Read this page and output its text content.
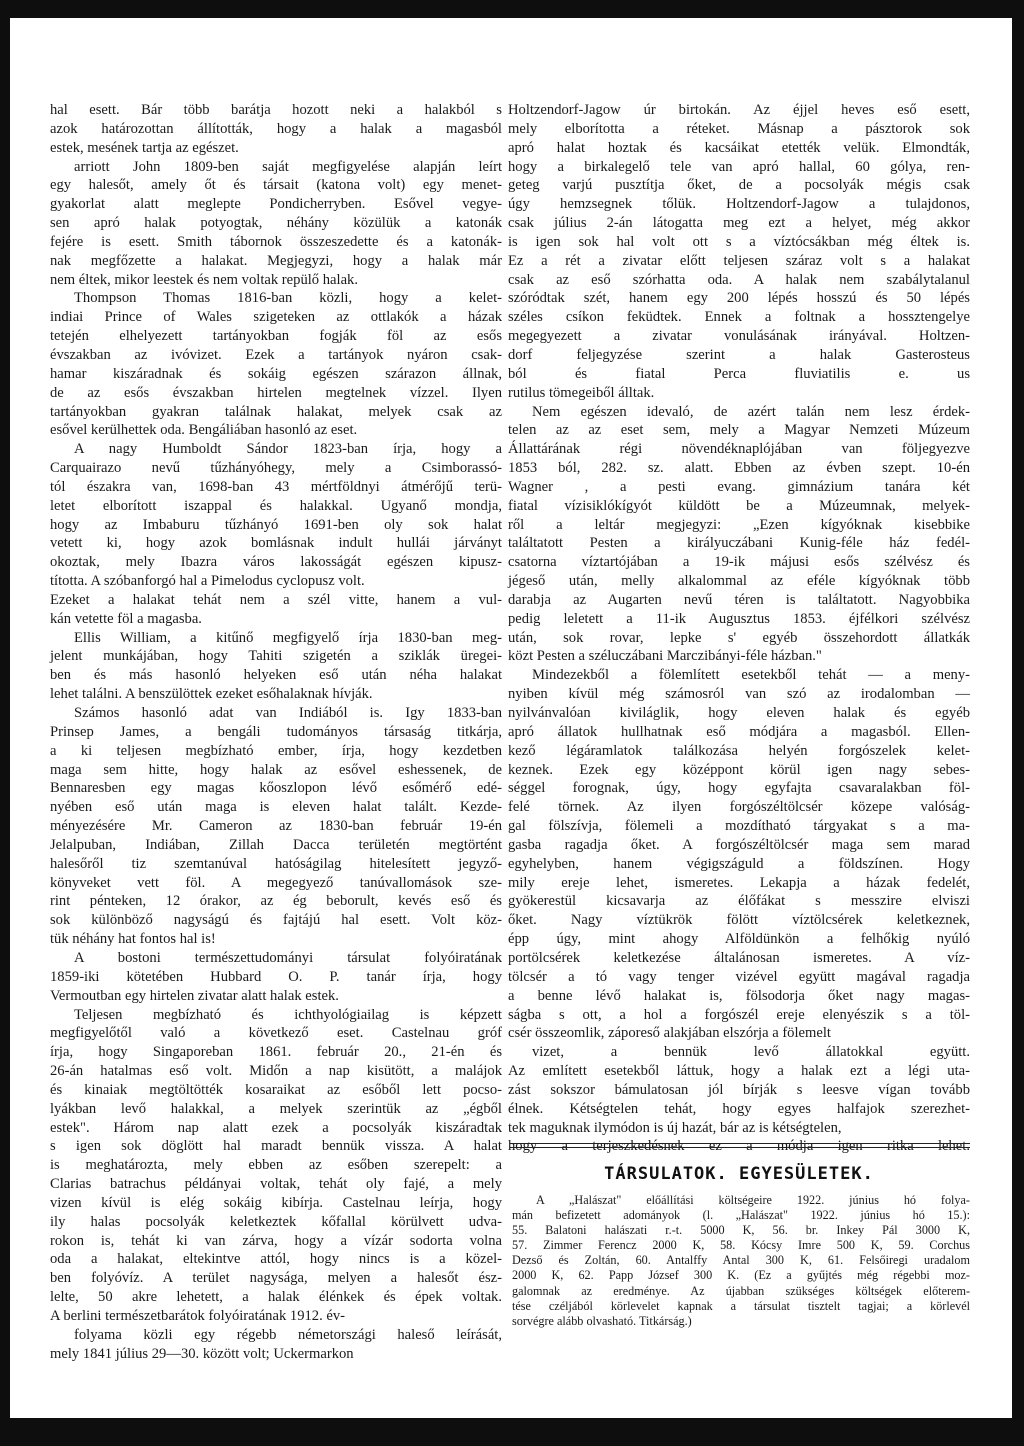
hal esett. Bár több barátja hozott neki a halakból s
azok határozottan állították, hogy a halak a magasból
estek, mesének tartja az egészet.
arriott John 1809-ben saját megfigyelése alapján leírt
egy halesőt, amely őt és társait (katona volt) egy menet-
gyakorlat alatt meglepte Pondicherryben. Esővel vegye-
sen apró halak potyogtak, néhány közülük a katonák
fejére is esett. Smith tábornok összeszedette és a katonák-
nak megfőzette a halakat. Megjegyzi, hogy a halak már
nem éltek, mikor leestek és nem voltak repülő halak.
Thompson Thomas 1816-ban közli, hogy a kelet-
indiai Prince of Wales szigeteken az ottlakók a házak
tetején elhelyezett tartányokban fogják föl az esős
évszakban az ivóvizet. Ezek a tartányok nyáron csak-
hamar kiszáradnak és sokáig egészen szárazon állnak,
de az esős évszakban hirtelen megtelnek vízzel. Ilyen
tartányokban gyakran találnak halakat, melyek csak az
esővel kerülhettek oda. Bengáliában hasonló az eset.
A nagy Humboldt Sándor 1823-ban írja, hogy a
Carquairazo nevű tűzhányóhegy, mely a Csimborassó-
tól északra van, 1698-ban 43 mértföldnyi átmérőjű terü-
letet elborított iszappal és halakkal. Ugyanő mondja,
hogy az Imbaburu tűzhányó 1691-ben oly sok halat
vetett ki, hogy azok bomlásnak indult hullái járványt
okoztak, mely Ibazra város lakosságát egészen kipusz-
tította. A szóbanforgó hal a Pimelodus cyclopusz volt.
Ezeket a halakat tehát nem a szél vitte, hanem a vul-
kán vetette föl a magasba.
Ellis William, a kitűnő megfigyelő írja 1830-ban meg-
jelent munkájában, hogy Tahiti szigetén a sziklák üregei-
ben és más hasonló helyeken eső után néha halakat
lehet találni. A benszülöttek ezeket esőhalaknak hívják.
Számos hasonló adat van Indiából is. Igy 1833-ban
Prinsep James, a bengáli tudományos társaság titkárja,
a ki teljesen megbízható ember, írja, hogy kezdetben
maga sem hitte, hogy halak az esővel eshessenek, de
Bennaresben egy magas kőoszlopon lévő esőmérő edé-
nyében eső után maga is eleven halat talált. Kezde-
ményezésére Mr. Cameron az 1830-ban február 19-én
Jelalpuban, Indiában, Zillah Dacca területén megtörtént
halesőről tiz szemtanúval hatóságilag hitelesített jegyző-
könyveket vett föl. A megegyező tanúvallomások sze-
rint pénteken, 12 órakor, az ég beborult, kevés eső és
sok különböző nagyságú és fajtájú hal esett. Volt köz-
tük néhány hat fontos hal is!
A bostoni természettudományi társulat folyóiratának
1859-iki kötetében Hubbard O. P. tanár írja, hogy
Vermoutban egy hirtelen zivatar alatt halak estek.
Teljesen megbízható és ichthyológiailag is képzett
megfigyelőtől való a következő eset. Castelnau gróf
írja, hogy Singaporeban 1861. február 20., 21-én és
26-án hatalmas eső volt. Midőn a nap kisütött, a malájok
és kinaiak megtöltötték kosaraikat az esőből lett pocso-
lyákban levő halakkal, a melyek szerintük az „égből
estek". Három nap alatt ezek a pocsolyák kiszáradtak
s igen sok döglött hal maradt bennük vissza. A halat
is meghatározta, mely ebben az esőben szerepelt: a
Clarias batrachus példányai voltak, tehát oly fajé, a mely
vizen kívül is elég sokáig kibírja. Castelnau leírja, hogy
ily halas pocsolyák keletkeztek kőfallal körülvett udva-
rokon is, tehát ki van zárva, hogy a vízár sodorta volna
oda a halakat, eltekintve attól, hogy nincs is a közel-
ben folyóvíz. A terület nagysága, melyen a halesőt ész-
lelte, 50 akre lehetett, a halak élénkek és épek voltak.
A berlini természetbarátok folyóiratának 1912. év-
folyama közli egy régebb németországi haleső leírását,
mely 1841 július 29—30. között volt; Uckermarkon
Holtzendorf-Jagow úr birtokán. Az éjjel heves eső esett,
mely elborította a réteket. Másnap a pásztorok sok
apró halat hoztak és kacsáikat etették velük. Elmondták,
hogy a birkalegelő tele van apró hallal, 60 gólya, ren-
geteg varjú pusztítja őket, de a pocsolyák mégis csak
úgy hemzsegnek tőlük. Holtzendorf-Jagow a tulajdonos,
csak július 2-án látogatta meg ezt a helyet, még akkor
is igen sok hal volt ott s a víztócsákban még éltek is.
Ez a rét a zivatar előtt teljesen száraz volt s a halakat
csak az eső szórhatta oda. A halak nem szabálytalanul
szóródtak szét, hanem egy 200 lépés hosszú és 50 lépés
széles csíkon feküdtek. Ennek a foltnak a hossztengelye
megegyezett a zivatar vonulásának irányával. Holtzen-
dorf feljegyzése szerint a halak Gasterosteus
ból és fiatal Perca fluviatilis e. us
rutilus tömegeiből álltak.
Nem egészen idevaló, de azért talán nem lesz érdek-
telen az az eset sem, mely a Magyar Nemzeti Múzeum
Állattárának régi növendéknaplójában van följegyezve
1853 ból, 282. sz. alatt. Ebben az évben szept. 10-én
Wagner , a pesti evang. gimnázium tanára két
fiatal vízisiklókígyót küldött be a Múzeumnak, melyek-
ről a leltár megjegyzi: „Ezen kígyóknak kisebbike
találtatott Pesten a királyuczábani Kunig-féle ház fedél-
csatorna víztartójában a 19-ik májusi esős szélvész és
jégeső után, melly alkalommal az eféle kígyóknak több
darabja az Augarten nevű téren is találtatott. Nagyobbika
pedig leletett a 11-ik Augusztus 1853. éjfélkori szélvész
után, sok rovar, lepke s' egyéb összehordott állatkák
közt Pesten a széluczábani Marczibányi-féle házban."
Mindezekből a fölemlített esetekből tehát — a meny-
nyiben kívül még számosról van szó az irodalomban —
nyilvánvalóan kiviláglik, hogy eleven halak és egyéb
apró állatok hullhatnak eső módjára a magasból. Ellen-
kező légáramlatok találkozása helyén forgószelek kelet-
keznek. Ezek egy középpont körül igen nagy sebes-
séggel forognak, úgy, hogy egyfajta csavaralakban föl-
felé törnek. Az ilyen forgószéltölcsér közepe valóság-
gal fölszívja, fölemeli a mozdítható tárgyakat s a ma-
gasba ragadja őket. A forgószéltölcsér maga sem marad
egyhelyben, hanem végigszáguld a földszínen. Hogy
mily ereje lehet, ismeretes. Lekapja a házak fedelét,
gyökerestül kicsavarja az élőfákat s messzire elviszi
őket. Nagy víztükrök fölött víztölcsérek keletkeznek,
épp úgy, mint ahogy Alföldünkön a felhőkig nyúló
portölcsérek keletkezése általánosan ismeretes. A víz-
tölcsér a tó vagy tenger vizével együtt magával ragadja
a benne lévő halakat is, fölsodorja őket nagy magas-
ságba s ott, a hol a forgószél ereje elenyészik s a töl-
csér összeomlik, záporeső alakjában elszórja a fölemelt
vizet, a bennük levő állatokkal együtt.
Az említett esetekből láttuk, hogy a halak ezt a légi uta-
zást sokszor bámulatosan jól bírják s leesve vígan tovább
élnek. Kétségtelen tehát, hogy egyes halfajok szerezhet-
tek maguknak ilymódon is új hazát, bár az is kétségtelen,
hogy a terjeszkedésnek ez a módja igen ritka lehet.
TÁRSULATOK. EGYESÜLETEK.
A „Halászat" előállítási költségeire 1922. június hó folya-
mán befizetett adományok (l. „Halászat" 1922. június hó 15.):
55. Balatoni halászati r.-t. 5000 K, 56. br. Inkey Pál 3000 K,
57. Zimmer Ferencz 2000 K, 58. Kócsy Imre 500 K, 59. Corchus
Dezső és Zoltán, 60. Antalffy Antal 300 K, 61. Felsőiregi uradalom
2000 K, 62. Papp József 300 K. (Ez a gyűjtés még régebbi moz-
galomnak az eredménye. Az újabban szükséges költségek előterem-
tése czéljából körlevelet kapnak a társulat tisztelt tagjai; a körlevél
sorvégre alább olvasható. Titkárság.)
